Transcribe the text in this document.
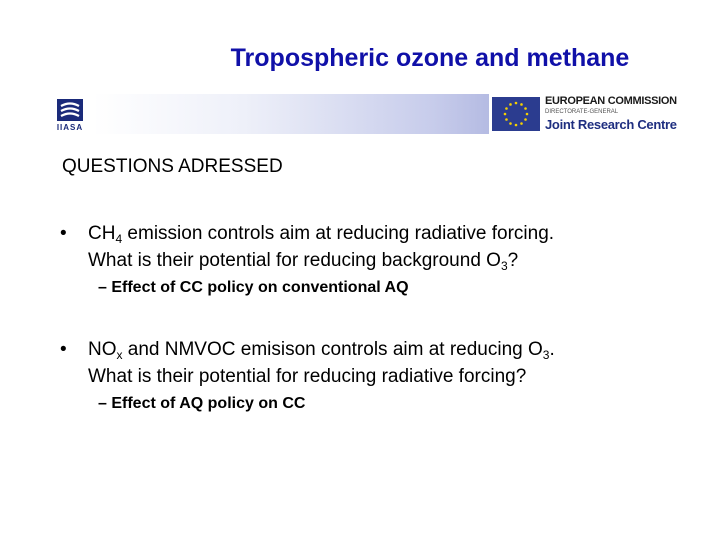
Tropospheric ozone and methane
IIASA
EUROPEAN COMMISSION
DIRECTORATE-GENERAL
Joint Research Centre
QUESTIONS ADRESSED
• $CH_4$ emission controls aim at reducing radiative forcing.
What is their potential for reducing background $O_3$?
– Effect of CC policy on conventional AQ
• $NO_x$ and NMVOC emisison controls aim at reducing $O_3$.
What is their potential for reducing radiative forcing?
– Effect of AQ policy on CC
